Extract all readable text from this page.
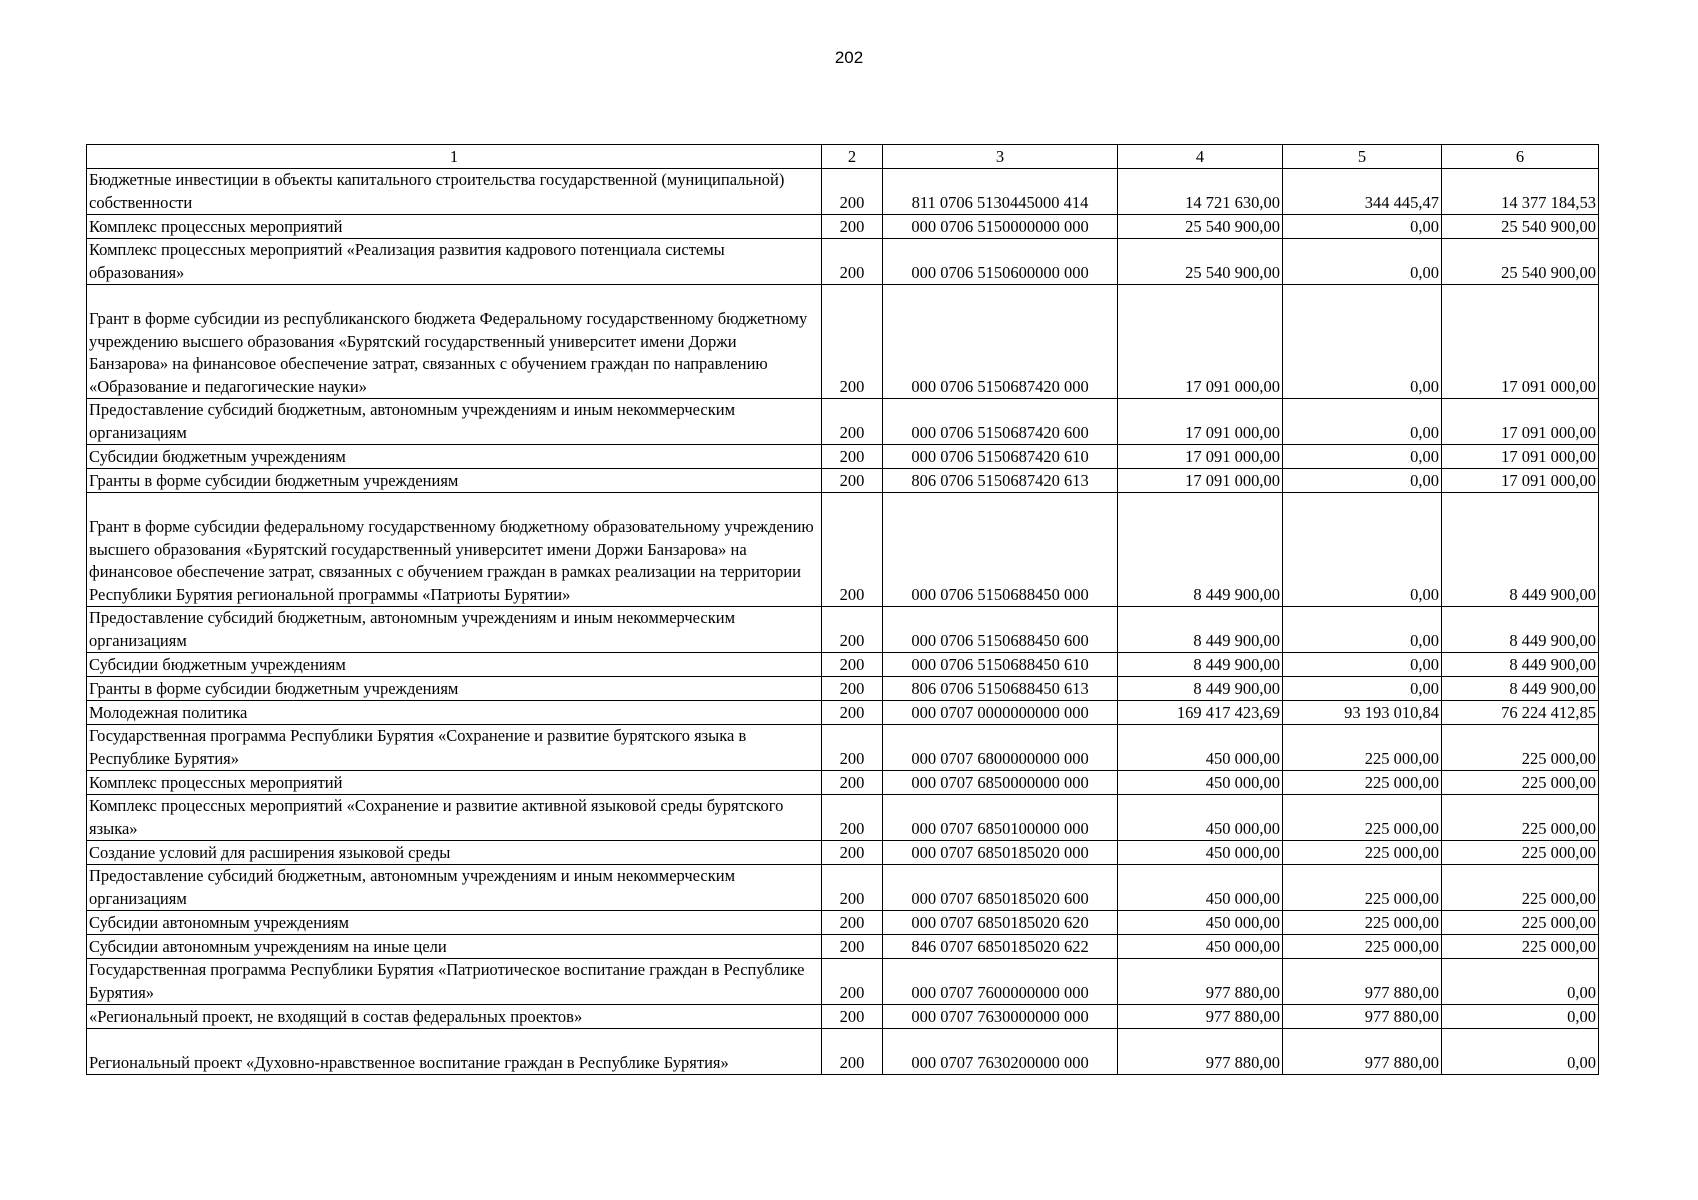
202
1	2	3	4	5	6
Бюджетные инвестиции в объекты капитального строительства государственной (муниципальной) собственности	200	811 0706 5130445000 414	14 721 630,00	344 445,47	14 377 184,53
Комплекс процессных мероприятий	200	000 0706 5150000000 000	25 540 900,00	0,00	25 540 900,00
Комплекс процессных мероприятий «Реализация развития кадрового потенциала системы образования»	200	000 0706 5150600000 000	25 540 900,00	0,00	25 540 900,00
Грант в форме субсидии из республиканского бюджета Федеральному государственному бюджетному учреждению высшего образования «Бурятский государственный университет имени Доржи Банзарова» на финансовое обеспечение затрат, связанных с обучением граждан по направлению «Образование и педагогические науки»	200	000 0706 5150687420 000	17 091 000,00	0,00	17 091 000,00
Предоставление субсидий бюджетным, автономным учреждениям и иным некоммерческим организациям	200	000 0706 5150687420 600	17 091 000,00	0,00	17 091 000,00
Субсидии бюджетным учреждениям	200	000 0706 5150687420 610	17 091 000,00	0,00	17 091 000,00
Гранты в форме субсидии бюджетным учреждениям	200	806 0706 5150687420 613	17 091 000,00	0,00	17 091 000,00
Грант в форме субсидии федеральному государственному бюджетному образовательному учреждению высшего образования «Бурятский государственный университет имени Доржи Банзарова» на финансовое обеспечение затрат, связанных с обучением граждан в рамках реализации на территории Республики Бурятия региональной программы «Патриоты Бурятии»	200	000 0706 5150688450 000	8 449 900,00	0,00	8 449 900,00
Предоставление субсидий бюджетным, автономным учреждениям и иным некоммерческим организациям	200	000 0706 5150688450 600	8 449 900,00	0,00	8 449 900,00
Субсидии бюджетным учреждениям	200	000 0706 5150688450 610	8 449 900,00	0,00	8 449 900,00
Гранты в форме субсидии бюджетным учреждениям	200	806 0706 5150688450 613	8 449 900,00	0,00	8 449 900,00
Молодежная политика	200	000 0707 0000000000 000	169 417 423,69	93 193 010,84	76 224 412,85
Государственная программа Республики Бурятия «Сохранение и развитие бурятского языка в Республике Бурятия»	200	000 0707 6800000000 000	450 000,00	225 000,00	225 000,00
Комплекс процессных мероприятий	200	000 0707 6850000000 000	450 000,00	225 000,00	225 000,00
Комплекс процессных мероприятий «Сохранение и развитие активной языковой среды бурятского языка»	200	000 0707 6850100000 000	450 000,00	225 000,00	225 000,00
Создание условий для расширения языковой среды	200	000 0707 6850185020 000	450 000,00	225 000,00	225 000,00
Предоставление субсидий бюджетным, автономным учреждениям и иным некоммерческим организациям	200	000 0707 6850185020 600	450 000,00	225 000,00	225 000,00
Субсидии автономным учреждениям	200	000 0707 6850185020 620	450 000,00	225 000,00	225 000,00
Субсидии автономным учреждениям на иные цели	200	846 0707 6850185020 622	450 000,00	225 000,00	225 000,00
Государственная программа Республики Бурятия «Патриотическое воспитание граждан в Республике Бурятия»	200	000 0707 7600000000 000	977 880,00	977 880,00	0,00
«Региональный проект, не входящий в состав федеральных проектов»	200	000 0707 7630000000 000	977 880,00	977 880,00	0,00
Региональный проект «Духовно-нравственное воспитание граждан в Республике Бурятия»	200	000 0707 7630200000 000	977 880,00	977 880,00	0,00
